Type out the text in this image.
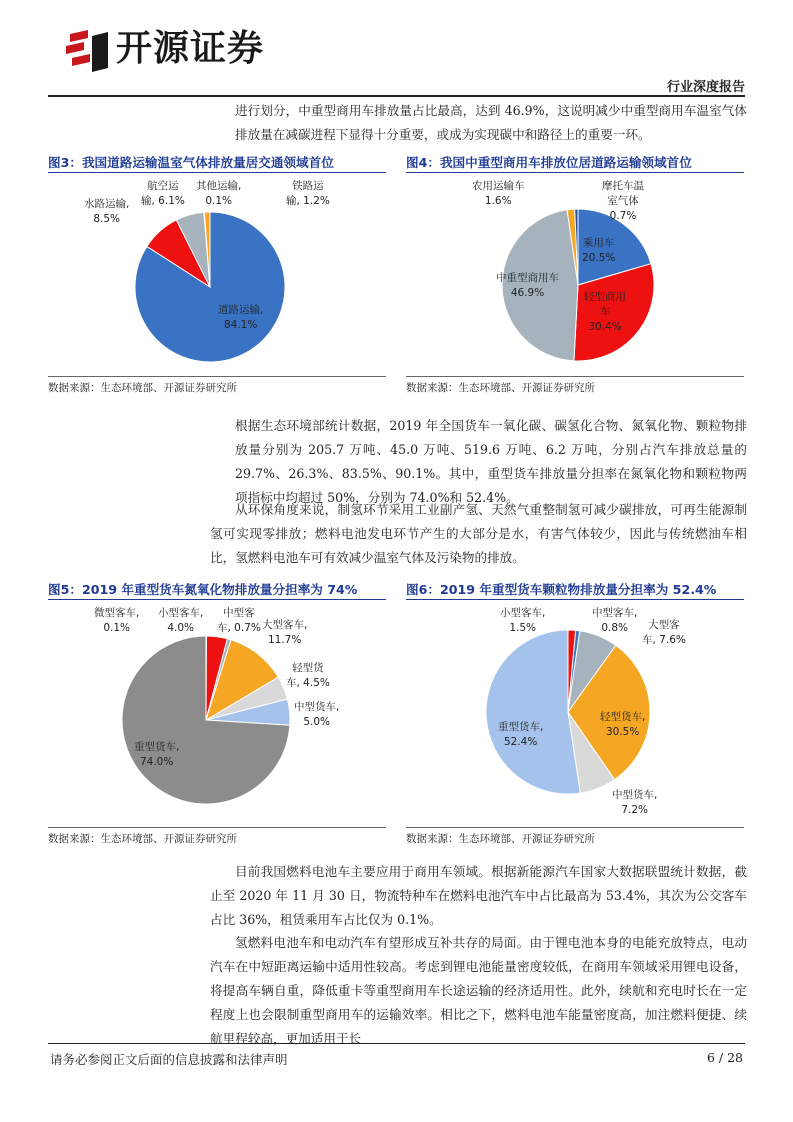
开源证券
行业深度报告

进行划分，中重型商用车排放量占比最高，达到 46.9%，这说明减少中重型商用车温室气体排放量在减碳进程下显得十分重要，或成为实现碳中和路径上的重要一环。

图3：我国道路运输温室气体排放量居交通领域首位
道路运输,
84.1%
水路运输,
8.5%
航空运
输, 6.1%
其他运输,
0.1%
铁路运
输, 1.2%
数据来源：生态环境部、开源证券研究所
图4：我国中重型商用车排放位居道路运输领域首位
农用运输车
1.6%
摩托车温
室气体
0.7%
乘用车
20.5%
轻型商用
车
30.4%
中重型商用车
46.9%
数据来源：生态环境部、开源证券研究所

根据生态环境部统计数据，2019 年全国货车一氧化碳、碳氢化合物、氮氧化物、颗粒物排放量分别为 205.7 万吨、45.0 万吨、519.6 万吨、6.2 万吨，分别占汽车排放总量的 29.7%、26.3%、83.5%、90.1%。其中，重型货车排放量分担率在氮氧化物和颗粒物两项指标中均超过 50%，分别为 74.0%和 52.4%。

从环保角度来说，制氢环节采用工业副产氢、天然气重整制氢可减少碳排放，可再生能源制氢可实现零排放；燃料电池发电环节产生的大部分是水，有害气体较少，因此与传统燃油车相比，氢燃料电池车可有效减少温室气体及污染物的排放。

图5：2019 年重型货车氮氧化物排放量分担率为 74%
微型客车,
0.1%
小型客车,
4.0%
中型客
车, 0.7% 大型客车,
11.7%
轻型货
车, 4.5%
中型货车,
5.0%
重型货车,
74.0%
数据来源：生态环境部、开源证券研究所
图6：2019 年重型货车颗粒物排放量分担率为 52.4%
小型客车,
1.5%
中型客车,
0.8%	大型客
车, 7.6%
轻型货车,
30.5%
中型货车,
7.2%
重型货车,
52.4%
数据来源：生态环境部、开源证券研究所

目前我国燃料电池车主要应用于商用车领域。根据新能源汽车国家大数据联盟统计数据，截止至 2020 年 11 月 30 日，物流特种车在燃料电池汽车中占比最高为 53.4%，其次为公交客车占比 36%，租赁乘用车占比仅为 0.1%。

氢燃料电池车和电动汽车有望形成互补共存的局面。由于锂电池本身的电能充放特点，电动汽车在中短距离运输中适用性较高。考虑到锂电池能量密度较低，在商用车领域采用锂电设备，将提高车辆自重，降低重卡等重型商用车长途运输的经济适用性。此外，续航和充电时长在一定程度上也会限制重型商用车的运输效率。相比之下，燃料电池车能量密度高，加注燃料便捷、续航里程较高，更加适用于长

请务必参阅正文后面的信息披露和法律声明	6 / 28
